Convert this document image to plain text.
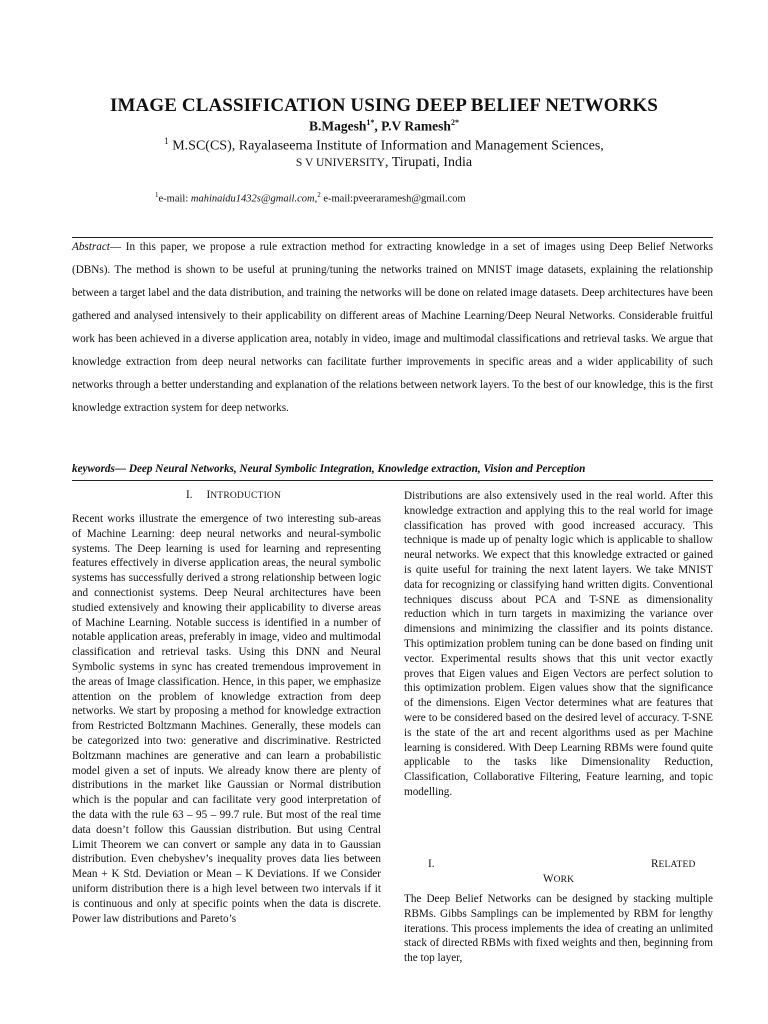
IMAGE CLASSIFICATION USING DEEP BELIEF NETWORKS
B.Magesh$^{1*}$, P.V Ramesh$^{2*}$
$^1$ M.SC(CS), Rayalaseema Institute of Information and Management Sciences,
S V UNIVERSITY, Tirupati, India
$^1$e-mail: mahinaidu1432s@gmail.com,$^2$ e-mail:pveeraramesh@gmail.com

Abstract— In this paper, we propose a rule extraction method for extracting knowledge in a set of images using Deep Belief Networks (DBNs). The method is shown to be useful at pruning/tuning the networks trained on MNIST image datasets, explaining the relationship between a target label and the data distribution, and training the networks will be done on related image datasets. Deep architectures have been gathered and analysed intensively to their applicability on different areas of Machine Learning/Deep Neural Networks. Considerable fruitful work has been achieved in a diverse application area, notably in video, image and multimodal classifications and retrieval tasks. We argue that knowledge extraction from deep neural networks can facilitate further improvements in specific areas and a wider applicability of such networks through a better understanding and explanation of the relations between network layers. To the best of our knowledge, this is the first knowledge extraction system for deep networks.

keywords— Deep Neural Networks, Neural Symbolic Integration, Knowledge extraction, Vision and Perception
I. INTRODUCTION

Recent works illustrate the emergence of two interesting sub-areas of Machine Learning: deep neural networks and neural-symbolic systems. The Deep learning is used for learning and representing features effectively in diverse application areas, the neural symbolic systems has successfully derived a strong relationship between logic and connectionist systems. Deep Neural architectures have been studied extensively and knowing their applicability to diverse areas of Machine Learning. Notable success is identified in a number of notable application areas, preferably in image, video and multimodal classification and retrieval tasks. Using this DNN and Neural Symbolic systems in sync has created tremendous improvement in the areas of Image classification. Hence, in this paper, we emphasize attention on the problem of knowledge extraction from deep networks. We start by proposing a method for knowledge extraction from Restricted Boltzmann Machines. Generally, these models can be categorized into two: generative and discriminative. Restricted Boltzmann machines are generative and can learn a probabilistic model given a set of inputs. We already know there are plenty of distributions in the market like Gaussian or Normal distribution which is the popular and can facilitate very good interpretation of the data with the rule 63 – 95 – 99.7 rule. But most of the real time data doesn’t follow this Gaussian distribution. But using Central Limit Theorem we can convert or sample any data in to Gaussian distribution. Even chebyshev’s inequality proves data lies between Mean + K Std. Deviation or Mean – K Deviations. If we Consider uniform distribution there is a high level between two intervals if it is continuous and only at specific points when the data is discrete. Power law distributions and Pareto’s

Distributions are also extensively used in the real world. After this knowledge extraction and applying this to the real world for image classification has proved with good increased accuracy. This technique is made up of penalty logic which is applicable to shallow neural networks. We expect that this knowledge extracted or gained is quite useful for training the next latent layers. We take MNIST data for recognizing or classifying hand written digits. Conventional techniques discuss about PCA and T-SNE as dimensionality reduction which in turn targets in maximizing the variance over dimensions and minimizing the classifier and its points distance. This optimization problem tuning can be done based on finding unit vector. Experimental results shows that this unit vector exactly proves that Eigen values and Eigen Vectors are perfect solution to this optimization problem. Eigen values show that the significance of the dimensions. Eigen Vector determines what are features that were to be considered based on the desired level of accuracy. T-SNE is the state of the art and recent algorithms used as per Machine learning is considered. With Deep Learning RBMs were found quite applicable to the tasks like Dimensionality Reduction, Classification, Collaborative Filtering, Feature learning, and topic modelling.

I.	RELATED
WORK

The Deep Belief Networks can be designed by stacking multiple RBMs. Gibbs Samplings can be implemented by RBM for lengthy iterations. This process implements the idea of creating an unlimited stack of directed RBMs with fixed weights and then, beginning from the top layer,
